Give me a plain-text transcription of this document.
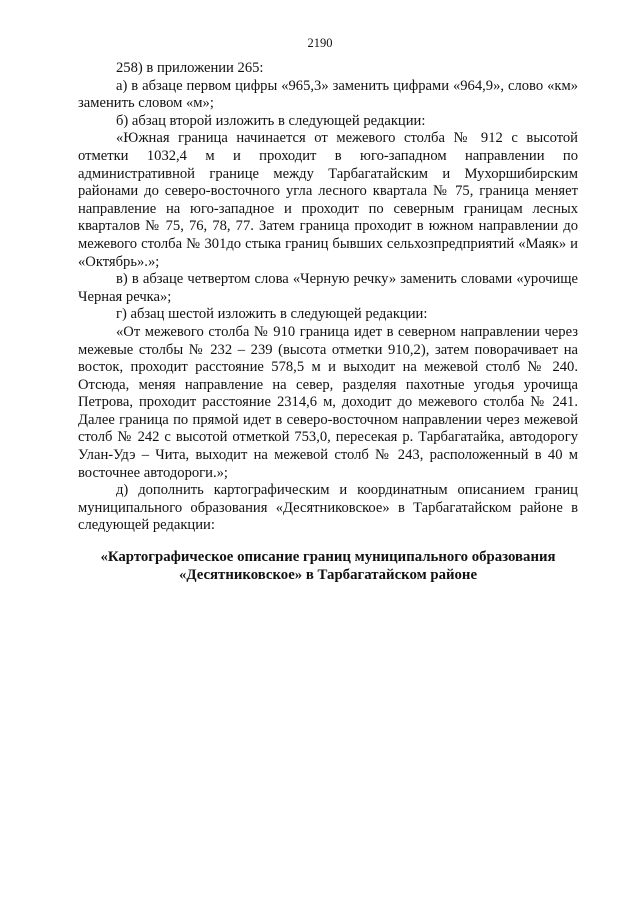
2190

258) в приложении 265:

а) в абзаце первом цифры «965,3» заменить цифрами «964,9», слово «км» заменить словом «м»;

б) абзац второй изложить в следующей редакции:

«Южная граница начинается от межевого столба № 912 с высотой отметки 1032,4 м и проходит в юго-западном направлении по административной границе между Тарбагатайским и Мухоршибирским районами до северо-восточного угла лесного квартала № 75, граница меняет направление на юго-западное и проходит по северным границам лесных кварталов № 75, 76, 78, 77. Затем граница проходит в южном направлении до межевого столба № 301до стыка границ бывших сельхозпредприятий «Маяк» и «Октябрь».»;

в) в абзаце четвертом слова «Черную речку» заменить словами «урочище Черная речка»;

г) абзац шестой изложить в следующей редакции:

«От межевого столба № 910 граница идет в северном направлении через межевые столбы № 232 – 239 (высота отметки 910,2), затем поворачивает на восток, проходит расстояние 578,5 м и выходит на межевой столб № 240. Отсюда, меняя направление на север, разделяя пахотные угодья урочища Петрова, проходит расстояние 2314,6 м, доходит до межевого столба № 241. Далее граница по прямой идет в северо-восточном направлении через межевой столб № 242 с высотой отметкой 753,0, пересекая р. Тарбагатайка, автодорогу Улан-Удэ – Чита, выходит на межевой столб № 243, расположенный в 40 м восточнее автодороги.»;

д) дополнить картографическим и координатным описанием границ муниципального образования «Десятниковское» в Тарбагатайском районе в следующей редакции:

«Картографическое описание границ муниципального образования
«Десятниковское» в Тарбагатайском районе
